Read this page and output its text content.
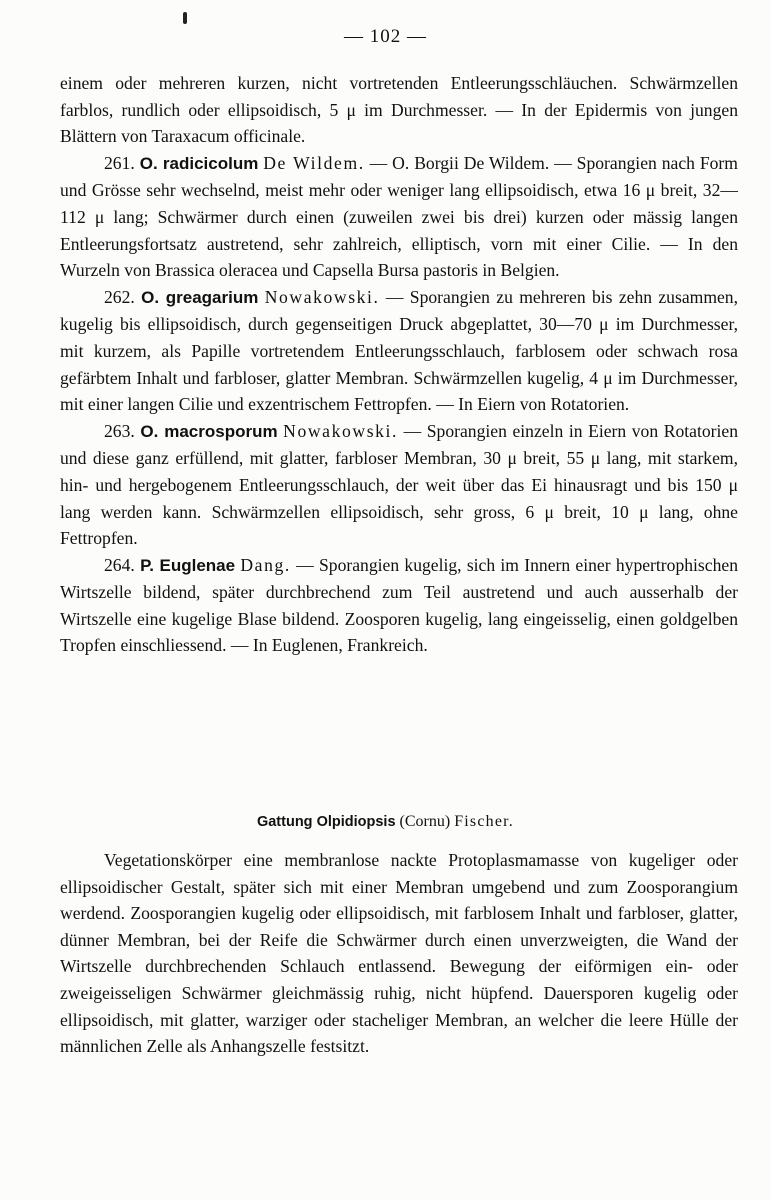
— 102 —

einem oder mehreren kurzen, nicht vortretenden Entleerungsschläuchen. Schwärmzellen farblos, rundlich oder ellipsoidisch, 5 μ im Durchmesser. — In der Epidermis von jungen Blättern von Taraxacum officinale.

261. O. radicicolum De Wildem. — O. Borgii De Wildem. — Sporangien nach Form und Grösse sehr wechselnd, meist mehr oder weniger lang ellipsoidisch, etwa 16 μ breit, 32—112 μ lang; Schwärmer durch einen (zuweilen zwei bis drei) kurzen oder mässig langen Entleerungsfortsatz austretend, sehr zahlreich, elliptisch, vorn mit einer Cilie. — In den Wurzeln von Brassica oleracea und Capsella Bursa pastoris in Belgien.

262. O. greagarium Nowakowski. — Sporangien zu mehreren bis zehn zusammen, kugelig bis ellipsoidisch, durch gegenseitigen Druck abgeplattet, 30—70 μ im Durchmesser, mit kurzem, als Papille vortretendem Entleerungsschlauch, farblosem oder schwach rosa gefärbtem Inhalt und farbloser, glatter Membran. Schwärmzellen kugelig, 4 μ im Durchmesser, mit einer langen Cilie und exzentrischem Fettropfen. — In Eiern von Rotatorien.

263. O. macrosporum Nowakowski. — Sporangien einzeln in Eiern von Rotatorien und diese ganz erfüllend, mit glatter, farbloser Membran, 30 μ breit, 55 μ lang, mit starkem, hin- und hergebogenem Entleerungsschlauch, der weit über das Ei hinausragt und bis 150 μ lang werden kann. Schwärmzellen ellipsoidisch, sehr gross, 6 μ breit, 10 μ lang, ohne Fettropfen.

264. P. Euglenae Dang. — Sporangien kugelig, sich im Innern einer hypertrophischen Wirtszelle bildend, später durchbrechend zum Teil austretend und auch ausserhalb der Wirtszelle eine kugelige Blase bildend. Zoosporen kugelig, lang eingeisselig, einen goldgelben Tropfen einschliessend. — In Euglenen, Frankreich.

Gattung Olpidiopsis (Cornu) Fischer.

Vegetationskörper eine membranlose nackte Protoplasmamasse von kugeliger oder ellipsoidischer Gestalt, später sich mit einer Membran umgebend und zum Zoosporangium werdend. Zoosporangien kugelig oder ellipsoidisch, mit farblosem Inhalt und farbloser, glatter, dünner Membran, bei der Reife die Schwärmer durch einen unverzweigten, die Wand der Wirtszelle durchbrechenden Schlauch entlassend. Bewegung der eiförmigen ein- oder zweigeisseligen Schwärmer gleichmässig ruhig, nicht hüpfend. Dauersporen kugelig oder ellipsoidisch, mit glatter, warziger oder stacheliger Membran, an welcher die leere Hülle der männlichen Zelle als Anhangszelle festsitzt.
